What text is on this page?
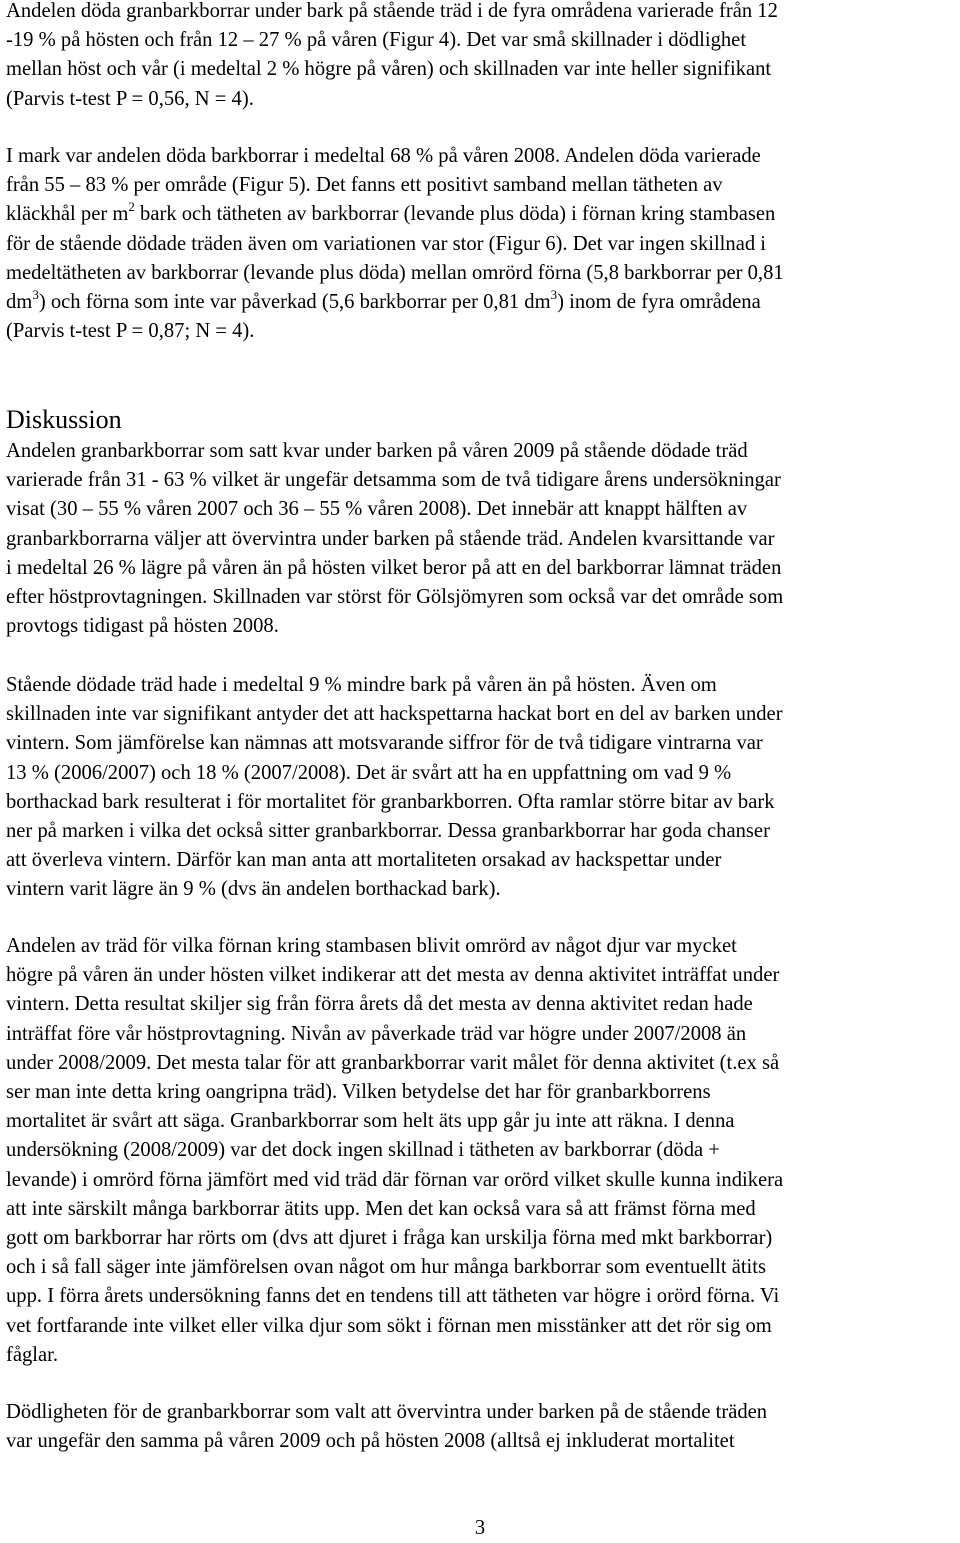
Andelen döda granbarkborrar under bark på stående träd i de fyra områdena varierade från 12
-19 % på hösten och från 12 – 27 % på våren (Figur 4). Det var små skillnader i dödlighet
mellan höst och vår (i medeltal 2 % högre på våren) och skillnaden var inte heller signifikant
(Parvis t-test P = 0,56, N = 4).

I mark var andelen döda barkborrar i medeltal 68 % på våren 2008. Andelen döda varierade
från 55 – 83 % per område (Figur 5). Det fanns ett positivt samband mellan tätheten av
kläckhål per $m^2$ bark och tätheten av barkborrar (levande plus döda) i förnan kring stambasen
för de stående dödade träden även om variationen var stor (Figur 6). Det var ingen skillnad i
medeltätheten av barkborrar (levande plus döda) mellan omrörd förna (5,8 barkborrar per 0,81
$dm^3$) och förna som inte var påverkad (5,6 barkborrar per 0,81 $dm^3$) inom de fyra områdena
(Parvis t-test P = 0,87; N = 4).

Diskussion

Andelen granbarkborrar som satt kvar under barken på våren 2009 på stående dödade träd
varierade från 31 - 63 % vilket är ungefär detsamma som de två tidigare årens undersökningar
visat (30 – 55 % våren 2007 och 36 – 55 % våren 2008). Det innebär att knappt hälften av
granbarkborrarna väljer att övervintra under barken på stående träd. Andelen kvarsittande var
i medeltal 26 % lägre på våren än på hösten vilket beror på att en del barkborrar lämnat träden
efter höstprovtagningen. Skillnaden var störst för Gölsjömyren som också var det område som
provtogs tidigast på hösten 2008.

Stående dödade träd hade i medeltal 9 % mindre bark på våren än på hösten. Även om
skillnaden inte var signifikant antyder det att hackspettarna hackat bort en del av barken under
vintern. Som jämförelse kan nämnas att motsvarande siffror för de två tidigare vintrarna var
13 % (2006/2007) och 18 % (2007/2008). Det är svårt att ha en uppfattning om vad 9 %
borthackad bark resulterat i för mortalitet för granbarkborren. Ofta ramlar större bitar av bark
ner på marken i vilka det också sitter granbarkborrar. Dessa granbarkborrar har goda chanser
att överleva vintern. Därför kan man anta att mortaliteten orsakad av hackspettar under
vintern varit lägre än 9 % (dvs än andelen borthackad bark).

Andelen av träd för vilka förnan kring stambasen blivit omrörd av något djur var mycket
högre på våren än under hösten vilket indikerar att det mesta av denna aktivitet inträffat under
vintern. Detta resultat skiljer sig från förra årets då det mesta av denna aktivitet redan hade
inträffat före vår höstprovtagning. Nivån av påverkade träd var högre under 2007/2008 än
under 2008/2009. Det mesta talar för att granbarkborrar varit målet för denna aktivitet (t.ex så
ser man inte detta kring oangripna träd). Vilken betydelse det har för granbarkborrens
mortalitet är svårt att säga. Granbarkborrar som helt äts upp går ju inte att räkna. I denna
undersökning (2008/2009) var det dock ingen skillnad i tätheten av barkborrar (döda +
levande) i omrörd förna jämfört med vid träd där förnan var orörd vilket skulle kunna indikera
att inte särskilt många barkborrar ätits upp. Men det kan också vara så att främst förna med
gott om barkborrar har rörts om (dvs att djuret i fråga kan urskilja förna med mkt barkborrar)
och i så fall säger inte jämförelsen ovan något om hur många barkborrar som eventuellt ätits
upp. I förra årets undersökning fanns det en tendens till att tätheten var högre i orörd förna. Vi
vet fortfarande inte vilket eller vilka djur som sökt i förnan men misstänker att det rör sig om
fåglar.

Dödligheten för de granbarkborrar som valt att övervintra under barken på de stående träden
var ungefär den samma på våren 2009 och på hösten 2008 (alltså ej inkluderat mortalitet

3
